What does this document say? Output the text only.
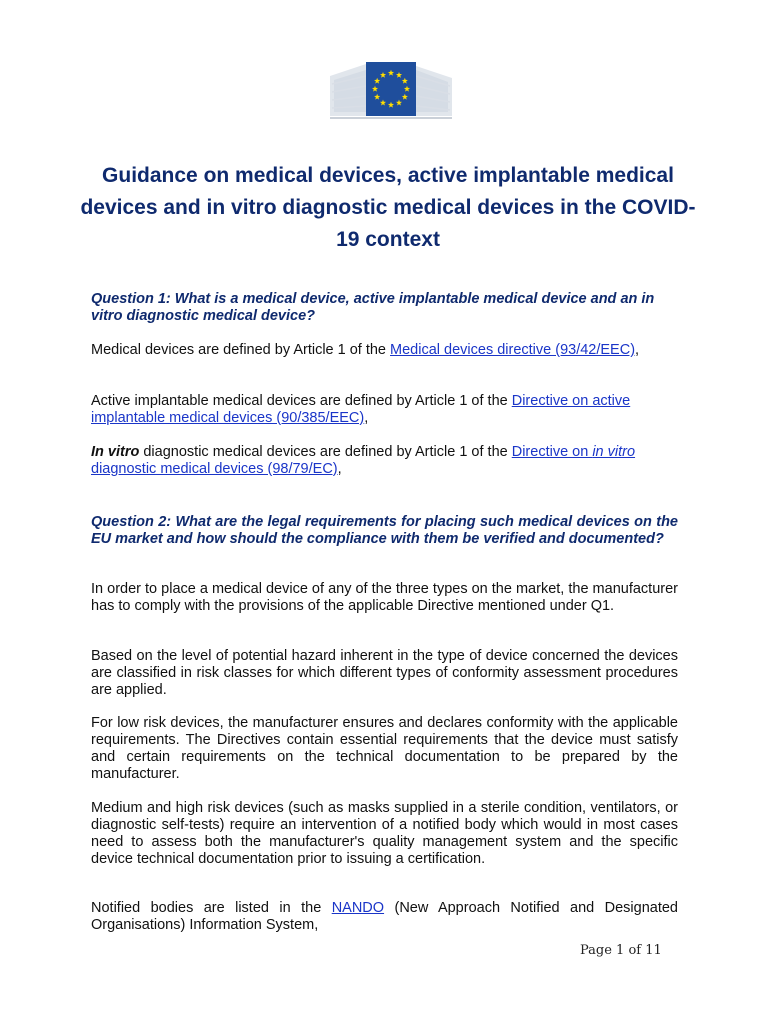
Guidance on medical devices, active implantable medical devices and in vitro diagnostic medical devices in the COVID-19 context

Question 1: What is a medical device, active implantable medical device and an in vitro diagnostic medical device?

Medical devices are defined by Article 1 of the Medical devices directive (93/42/EEC),

Active implantable medical devices are defined by Article 1 of the Directive on active implantable medical devices (90/385/EEC),

In vitro diagnostic medical devices are defined by Article 1 of the Directive on in vitro diagnostic medical devices (98/79/EC),

Question 2: What are the legal requirements for placing such medical devices on the EU market and how should the compliance with them be verified and documented?

In order to place a medical device of any of the three types on the market, the manufacturer has to comply with the provisions of the applicable Directive mentioned under Q1.

Based on the level of potential hazard inherent in the type of device concerned the devices are classified in risk classes for which different types of conformity assessment procedures are applied.

For low risk devices, the manufacturer ensures and declares conformity with the applicable requirements. The Directives contain essential requirements that the device must satisfy and certain requirements on the technical documentation to be prepared by the manufacturer.

Medium and high risk devices (such as masks supplied in a sterile condition, ventilators, or diagnostic self-tests) require an intervention of a notified body which would in most cases need to assess both the manufacturer's quality management system and the specific device technical documentation prior to issuing a certification.

Notified bodies are listed in the NANDO (New Approach Notified and Designated Organisations) Information System,

Page 1 of 11
